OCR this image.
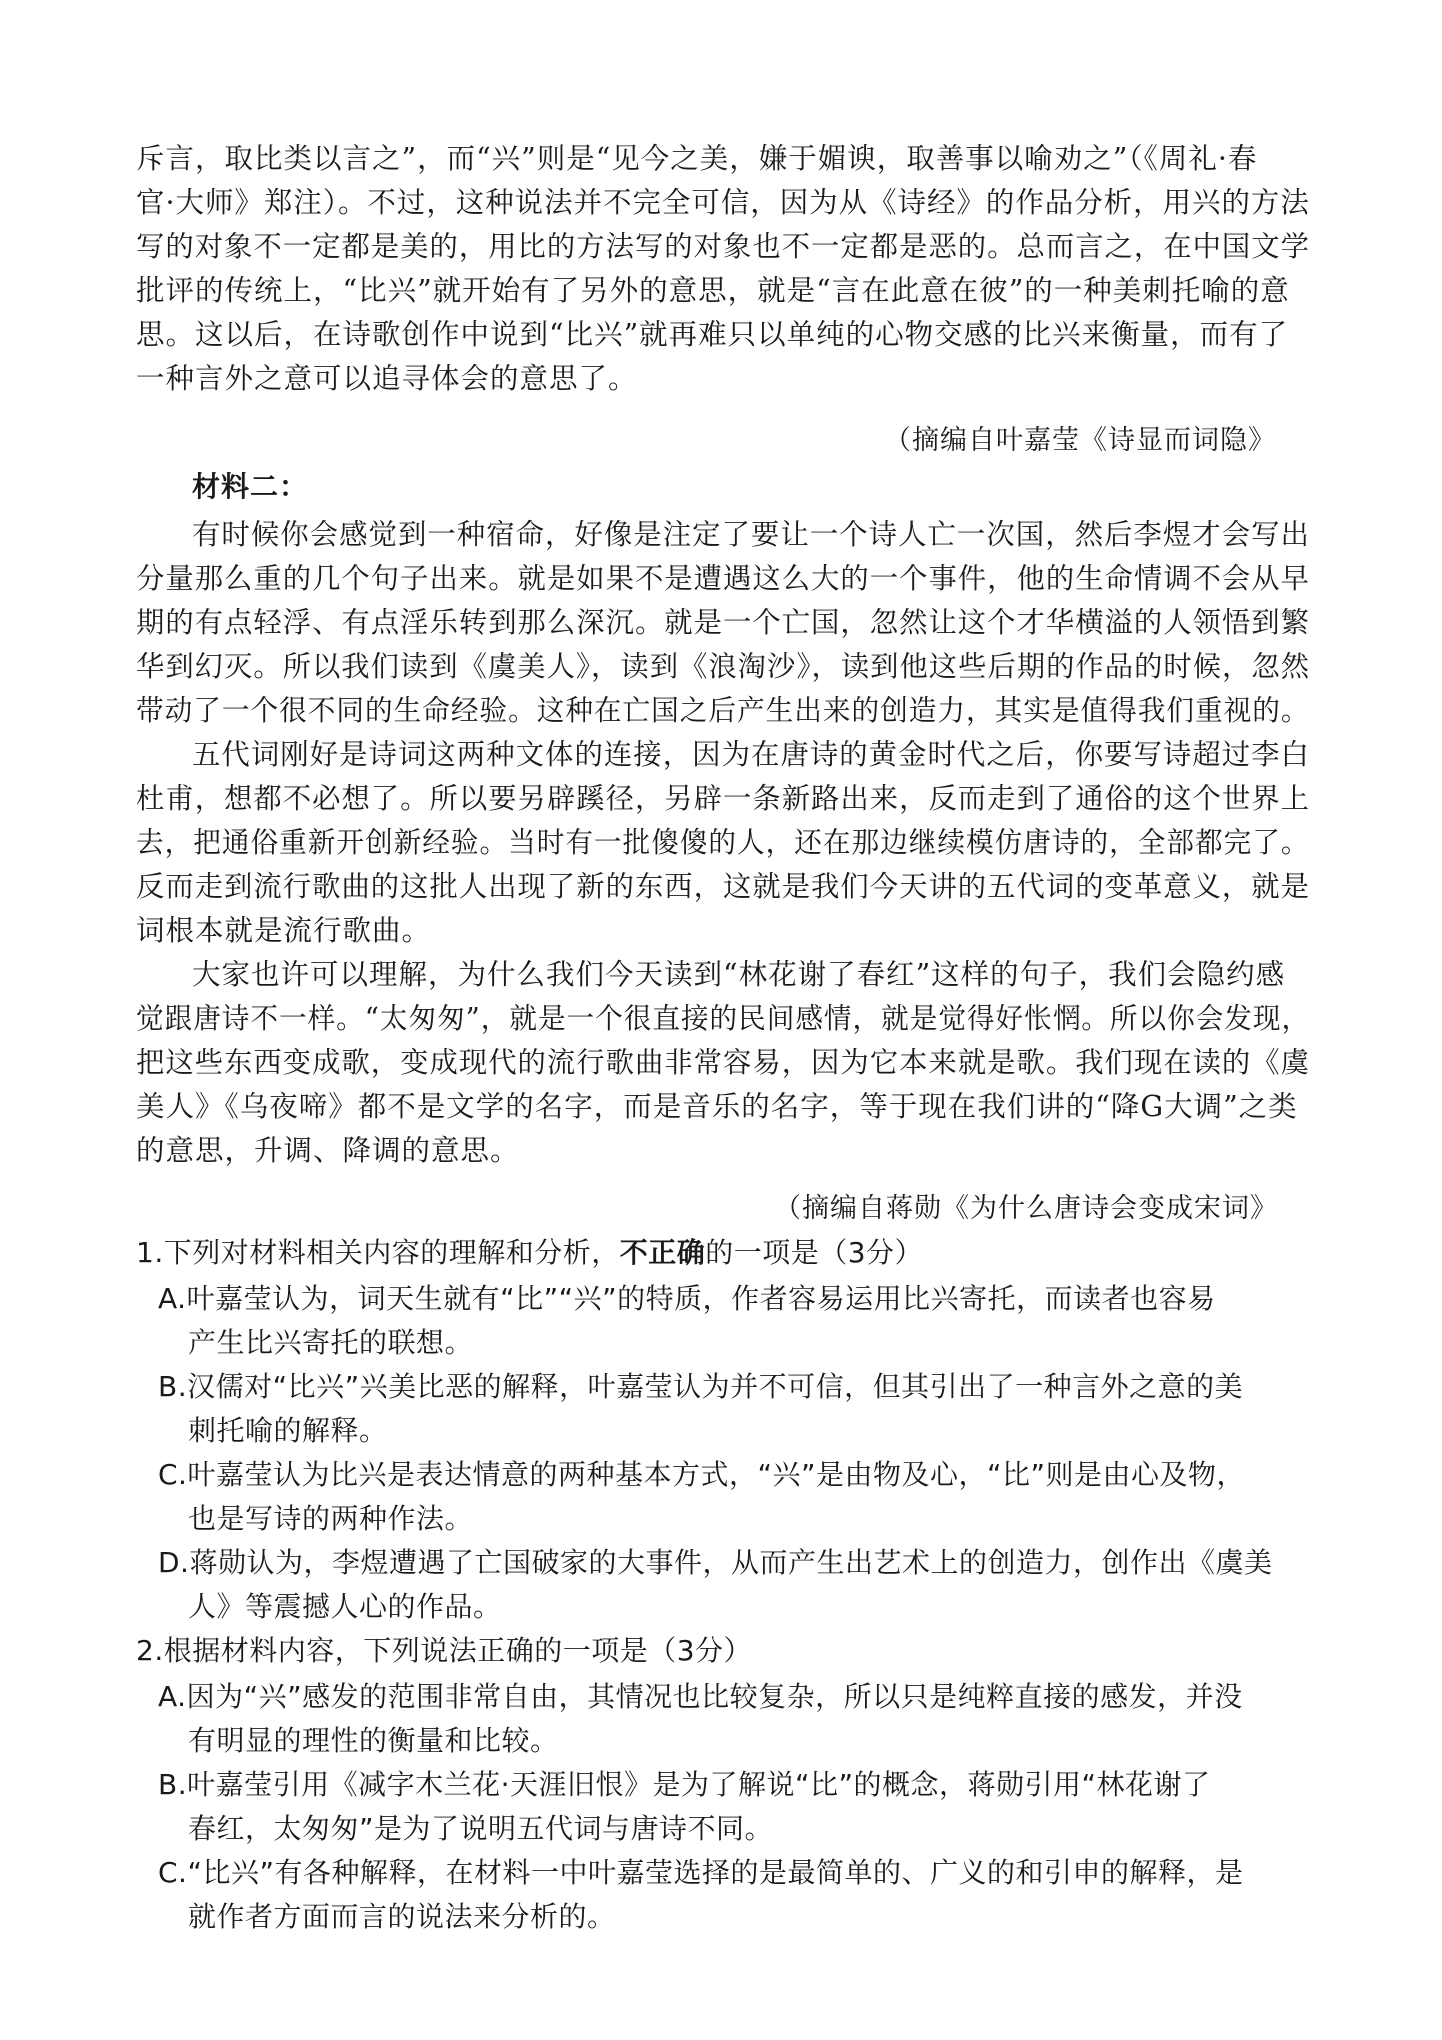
斥言，取比类以言之”，而“兴”则是“见今之美，嫌于媚谀，取善事以喻劝之”（《周礼·春
官·大师》郑注）。不过，这种说法并不完全可信，因为从《诗经》的作品分析，用兴的方法
写的对象不一定都是美的，用比的方法写的对象也不一定都是恶的。总而言之，在中国文学
批评的传统上，“比兴”就开始有了另外的意思，就是“言在此意在彼”的一种美刺托喻的意
思。这以后，在诗歌创作中说到“比兴”就再难只以单纯的心物交感的比兴来衡量，而有了
一种言外之意可以追寻体会的意思了。
（摘编自叶嘉莹《诗显而词隐》
材料二：
有时候你会感觉到一种宿命，好像是注定了要让一个诗人亡一次国，然后李煜才会写出
分量那么重的几个句子出来。就是如果不是遭遇这么大的一个事件，他的生命情调不会从早
期的有点轻浮、有点淫乐转到那么深沉。就是一个亡国，忽然让这个才华横溢的人领悟到繁
华到幻灭。所以我们读到《虞美人》，读到《浪淘沙》，读到他这些后期的作品的时候，忽然
带动了一个很不同的生命经验。这种在亡国之后产生出来的创造力，其实是值得我们重视的。
五代词刚好是诗词这两种文体的连接，因为在唐诗的黄金时代之后，你要写诗超过李白
杜甫，想都不必想了。所以要另辟蹊径，另辟一条新路出来，反而走到了通俗的这个世界上
去，把通俗重新开创新经验。当时有一批傻傻的人，还在那边继续模仿唐诗的，全部都完了。
反而走到流行歌曲的这批人出现了新的东西，这就是我们今天讲的五代词的变革意义，就是
词根本就是流行歌曲。
大家也许可以理解，为什么我们今天读到“林花谢了春红”这样的句子，我们会隐约感
觉跟唐诗不一样。“太匆匆”，就是一个很直接的民间感情，就是觉得好怅惘。所以你会发现，
把这些东西变成歌，变成现代的流行歌曲非常容易，因为它本来就是歌。我们现在读的《虞
美人》《乌夜啼》都不是文学的名字，而是音乐的名字，等于现在我们讲的“降G大调”之类
的意思，升调、降调的意思。
（摘编自蒋勋《为什么唐诗会变成宋词》
1.下列对材料相关内容的理解和分析，不正确的一项是（3分）
A.叶嘉莹认为，词天生就有“比”“兴”的特质，作者容易运用比兴寄托，而读者也容易
产生比兴寄托的联想。
B.汉儒对“比兴”兴美比恶的解释，叶嘉莹认为并不可信，但其引出了一种言外之意的美
刺托喻的解释。
C.叶嘉莹认为比兴是表达情意的两种基本方式，“兴”是由物及心，“比”则是由心及物，
也是写诗的两种作法。
D.蒋勋认为，李煜遭遇了亡国破家的大事件，从而产生出艺术上的创造力，创作出《虞美
人》等震撼人心的作品。
2.根据材料内容，下列说法正确的一项是（3分）
A.因为“兴”感发的范围非常自由，其情况也比较复杂，所以只是纯粹直接的感发，并没
有明显的理性的衡量和比较。
B.叶嘉莹引用《减字木兰花·天涯旧恨》是为了解说“比”的概念，蒋勋引用“林花谢了
春红，太匆匆”是为了说明五代词与唐诗不同。
C.“比兴”有各种解释，在材料一中叶嘉莹选择的是最简单的、广义的和引申的解释，是
就作者方面而言的说法来分析的。
